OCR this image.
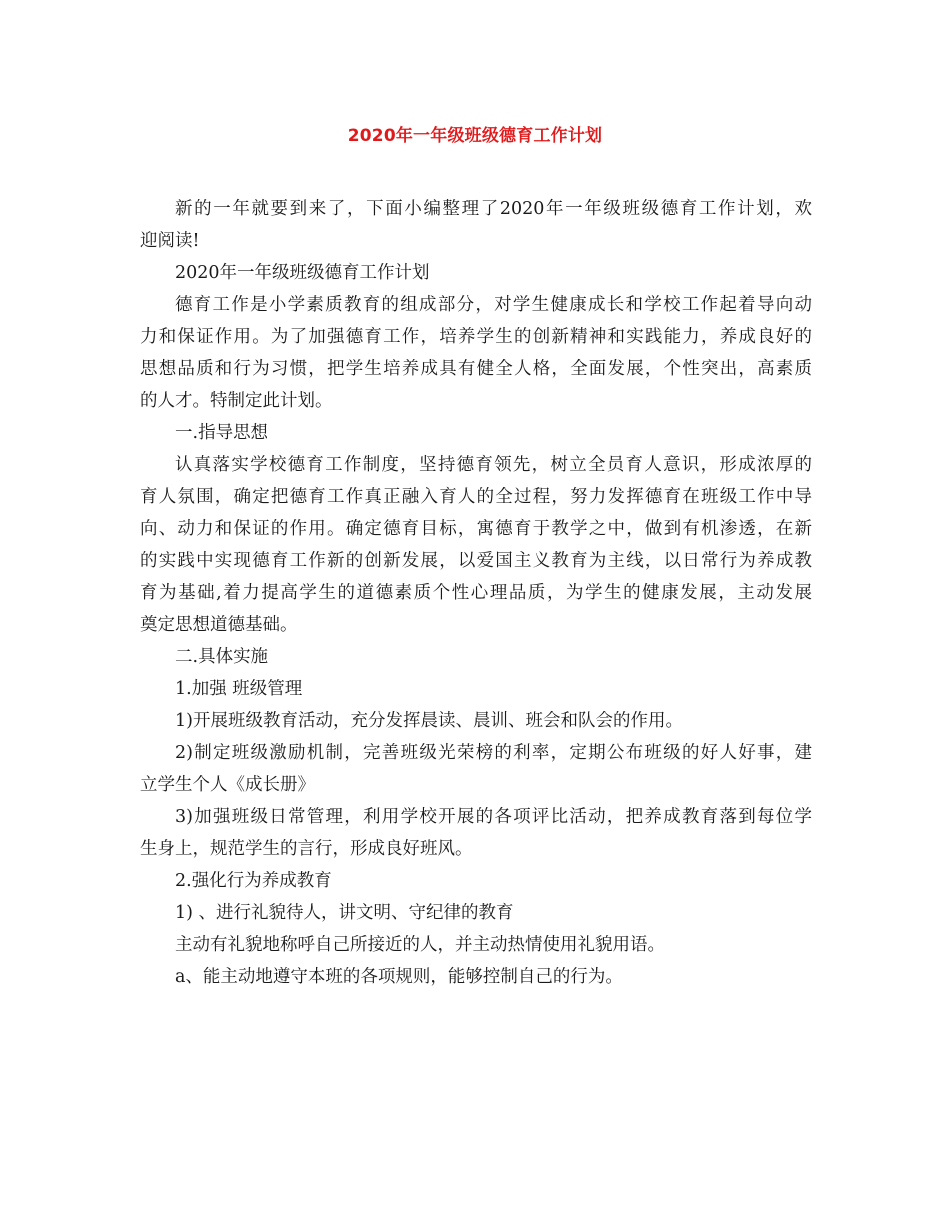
2020年一年级班级德育工作计划
新的一年就要到来了，下面小编整理了2020年一年级班级德育工作计划，欢
迎阅读!
2020年一年级班级德育工作计划
德育工作是小学素质教育的组成部分，对学生健康成长和学校工作起着导向动
力和保证作用。为了加强德育工作，培养学生的创新精神和实践能力，养成良好的
思想品质和行为习惯，把学生培养成具有健全人格，全面发展，个性突出，高素质
的人才。特制定此计划。
一.指导思想
认真落实学校德育工作制度，坚持德育领先，树立全员育人意识，形成浓厚的
育人氛围，确定把德育工作真正融入育人的全过程，努力发挥德育在班级工作中导
向、动力和保证的作用。确定德育目标，寓德育于教学之中，做到有机渗透，在新
的实践中实现德育工作新的创新发展，以爱国主义教育为主线，以日常行为养成教
育为基础,着力提高学生的道德素质个性心理品质，为学生的健康发展，主动发展
奠定思想道德基础。
二.具体实施
1.加强 班级管理
1)开展班级教育活动，充分发挥晨读、晨训、班会和队会的作用。
2)制定班级激励机制，完善班级光荣榜的利率，定期公布班级的好人好事，建
立学生个人《成长册》
3)加强班级日常管理，利用学校开展的各项评比活动，把养成教育落到每位学
生身上，规范学生的言行，形成良好班风。
2.强化行为养成教育
1) 、进行礼貌待人，讲文明、守纪律的教育
主动有礼貌地称呼自己所接近的人，并主动热情使用礼貌用语。
a、能主动地遵守本班的各项规则，能够控制自己的行为。
